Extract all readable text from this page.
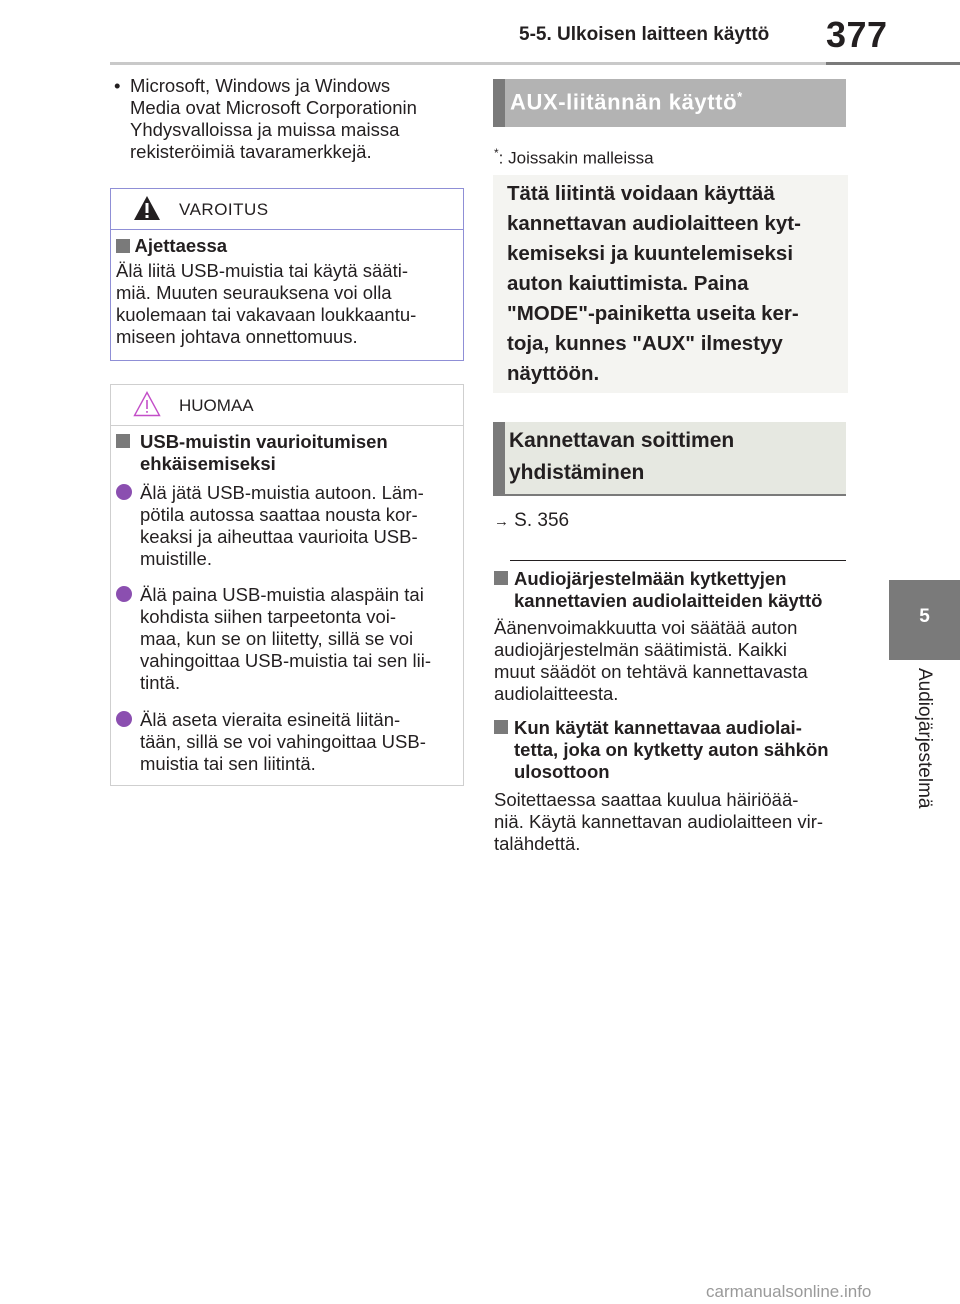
5-5. Ulkoisen laitteen käyttö 377
5
Audiojärjestelmä
• Microsoft, Windows ja Windows
Media ovat Microsoft Corporationin
Yhdysvalloissa ja muissa maissa
rekisteröimiä tavaramerkkejä.
VAROITUS
Ajettaessa
Älä liitä USB-muistia tai käytä sääti-
miä. Muuten seurauksena voi olla
kuolemaan tai vakavaan loukkaantu-
miseen johtava onnettomuus.
HUOMAA
USB-muistin vaurioitumisen
ehkäisemiseksi
Älä jätä USB-muistia autoon. Läm-
pötila autossa saattaa nousta kor-
keaksi ja aiheuttaa vaurioita USB-
muistille.
Älä paina USB-muistia alaspäin tai
kohdista siihen tarpeetonta voi-
maa, kun se on liitetty, sillä se voi
vahingoittaa USB-muistia tai sen lii-
tintä.
Älä aseta vieraita esineitä liitän-
tään, sillä se voi vahingoittaa USB-
muistia tai sen liitintä.
AUX-liitännän käyttö*
*: Joissakin malleissa
Tätä liitintä voidaan käyttää
kannettavan audiolaitteen kyt-
kemiseksi ja kuuntelemiseksi
auton kaiuttimista. Paina
"MODE"-painiketta useita ker-
toja, kunnes "AUX" ilmestyy
näyttöön.
Kannettavan soittimen
yhdistäminen
→ S. 356
Audiojärjestelmään kytkettyjen
kannettavien audiolaitteiden käyttö
Äänenvoimakkuutta voi säätää auton
audiojärjestelmän säätimistä. Kaikki
muut säädöt on tehtävä kannettavasta
audiolaitteesta.
Kun käytät kannettavaa audiolai-
tetta, joka on kytketty auton sähkön
ulosottoon
Soitettaessa saattaa kuulua häiriöää-
niä. Käytä kannettavan audiolaitteen vir-
talähdettä.
carmanualsonline.info
